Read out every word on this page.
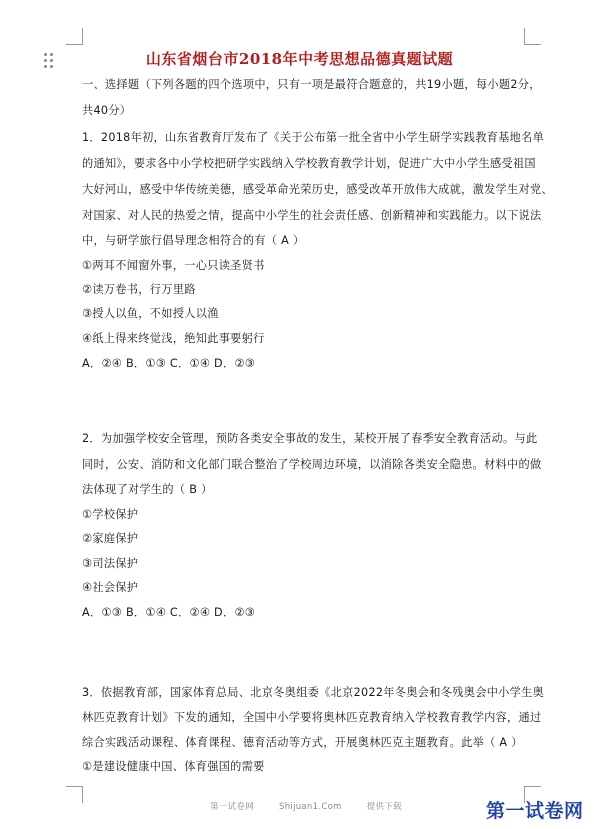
山东省烟台市2018年中考思想品德真题试题
一、选择题（下列各题的四个选项中，只有一项是最符合题意的，共19小题，每小题2分，
共40分）
1．2018年初，山东省教育厅发布了《关于公布第一批全省中小学生研学实践教育基地名单
的通知》，要求各中小学校把研学实践纳入学校教育教学计划，促进广大中小学生感受祖国
大好河山，感受中华传统美德，感受革命光荣历史，感受改革开放伟大成就，激发学生对党、
对国家、对人民的热爱之情，提高中小学生的社会责任感、创新精神和实践能力。以下说法
中，与研学旅行倡导理念相符合的有（ A ）
①两耳不闻窗外事，一心只读圣贤书
②读万卷书，行万里路
③授人以鱼，不如授人以渔
④纸上得来终觉浅，绝知此事要躬行
A．②④ B．①③ C．①④ D．②③
2．为加强学校安全管理，预防各类安全事故的发生，某校开展了春季安全教育活动。与此
同时，公安、消防和文化部门联合整治了学校周边环境，以消除各类安全隐患。材料中的做
法体现了对学生的（ B ）
①学校保护
②家庭保护
③司法保护
④社会保护
A．①③ B．①④ C．②④ D．②③
3．依据教育部，国家体育总局、北京冬奥组委《北京2022年冬奥会和冬残奥会中小学生奥
林匹克教育计划》下发的通知，全国中小学要将奥林匹克教育纳入学校教育教学内容，通过
综合实践活动课程、体育课程、德育活动等方式，开展奥林匹克主题教育。此举（ A ）
①是建设健康中国、体育强国的需要
第一试卷网	Shijuan1.Com	提供下载	第一试卷网
